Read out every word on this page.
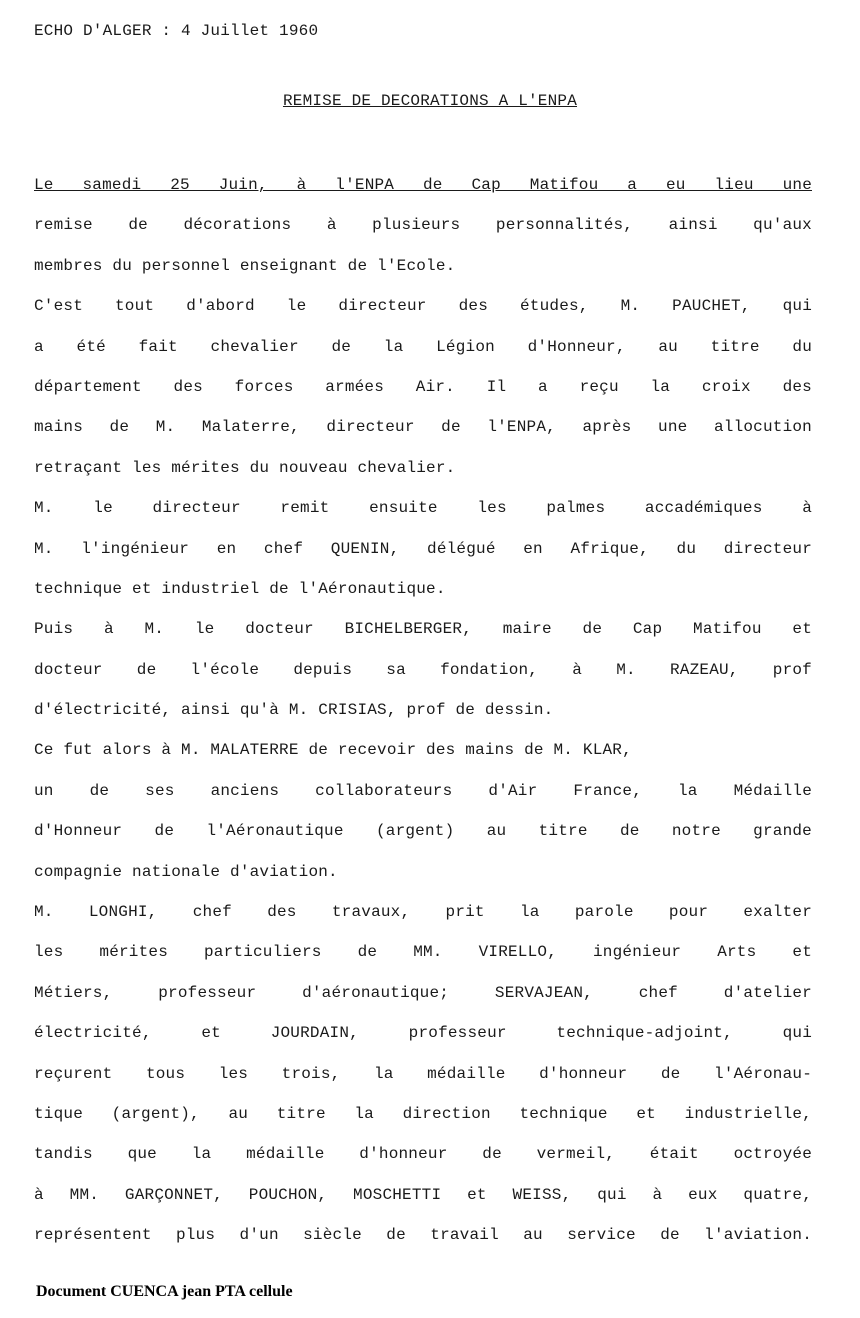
ECHO D'ALGER : 4 Juillet 1960
REMISE DE DECORATIONS A L'ENPA
Le samedi 25 Juin, à l'ENPA de Cap Matifou a eu lieu une
remise de décorations à plusieurs personnalités, ainsi qu'aux
membres du personnel enseignant de l'Ecole.
C'est tout d'abord le directeur des études, M. PAUCHET, qui
a été fait chevalier de la Légion d'Honneur, au titre du
département des forces armées Air. Il a reçu la croix des
mains de M. Malaterre, directeur de l'ENPA, après une allocution
retraçant les mérites du nouveau chevalier.
M. le directeur remit ensuite les palmes accadémiques à
M. l'ingénieur en chef QUENIN, délégué en Afrique, du directeur
technique et industriel de l'Aéronautique.
Puis à M. le docteur BICHELBERGER, maire de Cap Matifou et
docteur de l'école depuis sa fondation, à M. RAZEAU, prof
d'électricité, ainsi qu'à M. CRISIAS, prof de dessin.
Ce fut alors à M. MALATERRE de recevoir des mains de M. KLAR,
un de ses anciens collaborateurs d'Air France, la Médaille
d'Honneur de l'Aéronautique (argent) au titre de notre grande
compagnie nationale d'aviation.
M. LONGHI, chef des travaux, prit la parole pour exalter
les mérites particuliers de MM. VIRELLO, ingénieur Arts et
Métiers, professeur d'aéronautique; SERVAJEAN, chef d'atelier
électricité, et JOURDAIN, professeur technique-adjoint, qui
reçurent tous les trois, la médaille d'honneur de l'Aéronau-
tique (argent), au titre la direction technique et industrielle,
tandis que la médaille d'honneur de vermeil, était octroyée
à MM. GARÇONNET, POUCHON, MOSCHETTI et WEISS, qui à eux quatre,
représentent plus d'un siècle de travail au service de l'aviation.
Document CUENCA jean PTA cellule
